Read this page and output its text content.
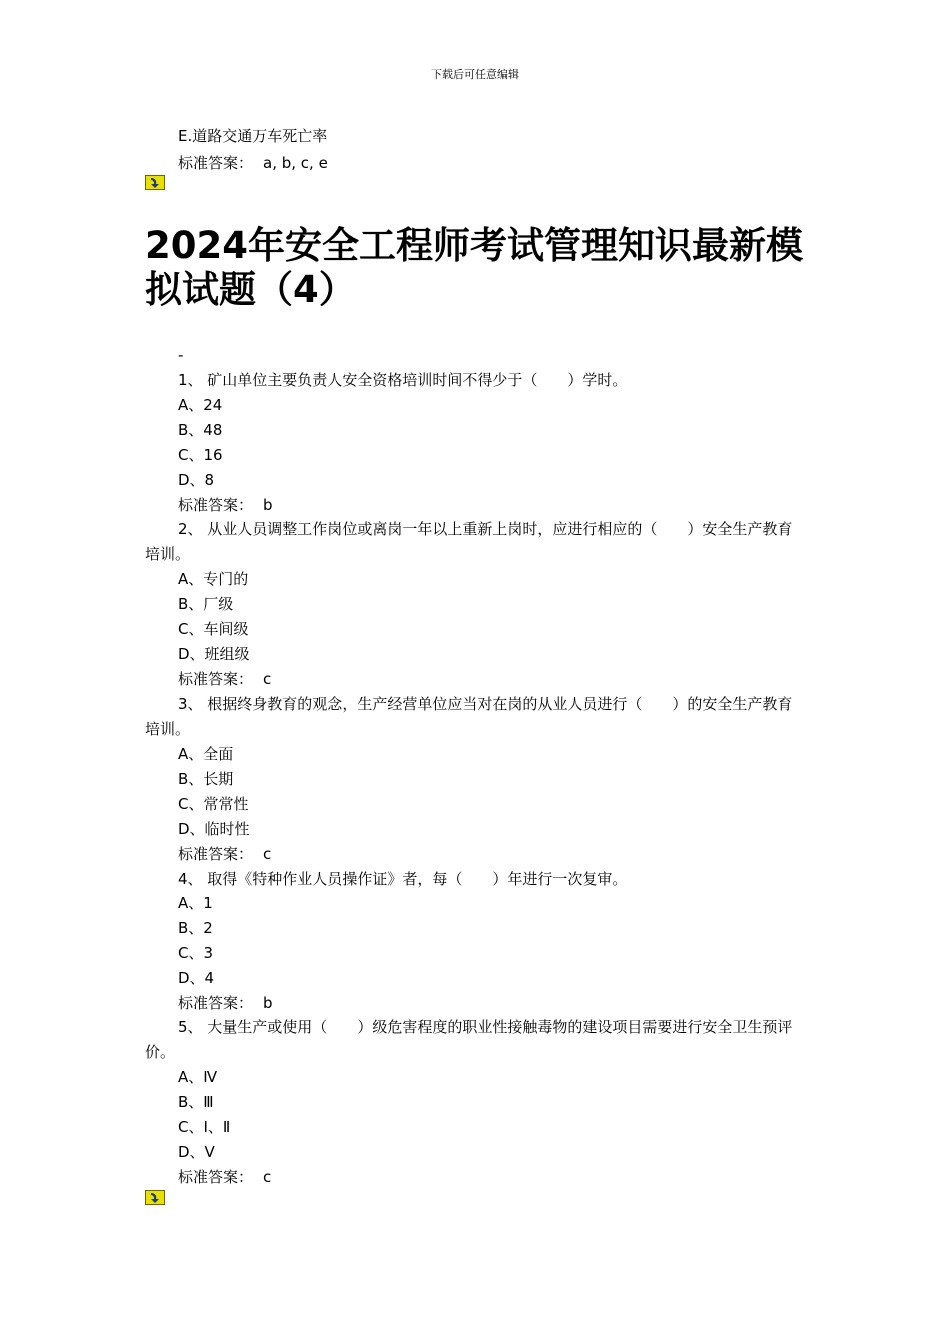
下载后可任意编辑
E.道路交通万车死亡率
标准答案： a, b, c, e
2024年安全工程师考试管理知识最新模拟试题（4）
-
1、 矿山单位主要负责人安全资格培训时间不得少于（　　）学时。
A、24
B、48
C、16
D、8
标准答案： b
2、 从业人员调整工作岗位或离岗一年以上重新上岗时，应进行相应的（　　）安全生产教育培训。
A、专门的
B、厂级
C、车间级
D、班组级
标准答案： c
3、 根据终身教育的观念，生产经营单位应当对在岗的从业人员进行（　　）的安全生产教育培训。
A、全面
B、长期
C、常常性
D、临时性
标准答案： c
4、 取得《特种作业人员操作证》者，每（　　）年进行一次复审。
A、1
B、2
C、3
D、4
标准答案： b
5、 大量生产或使用（　　）级危害程度的职业性接触毒物的建设项目需要进行安全卫生预评价。
A、Ⅳ
B、Ⅲ
C、Ⅰ、Ⅱ
D、Ⅴ
标准答案： c
